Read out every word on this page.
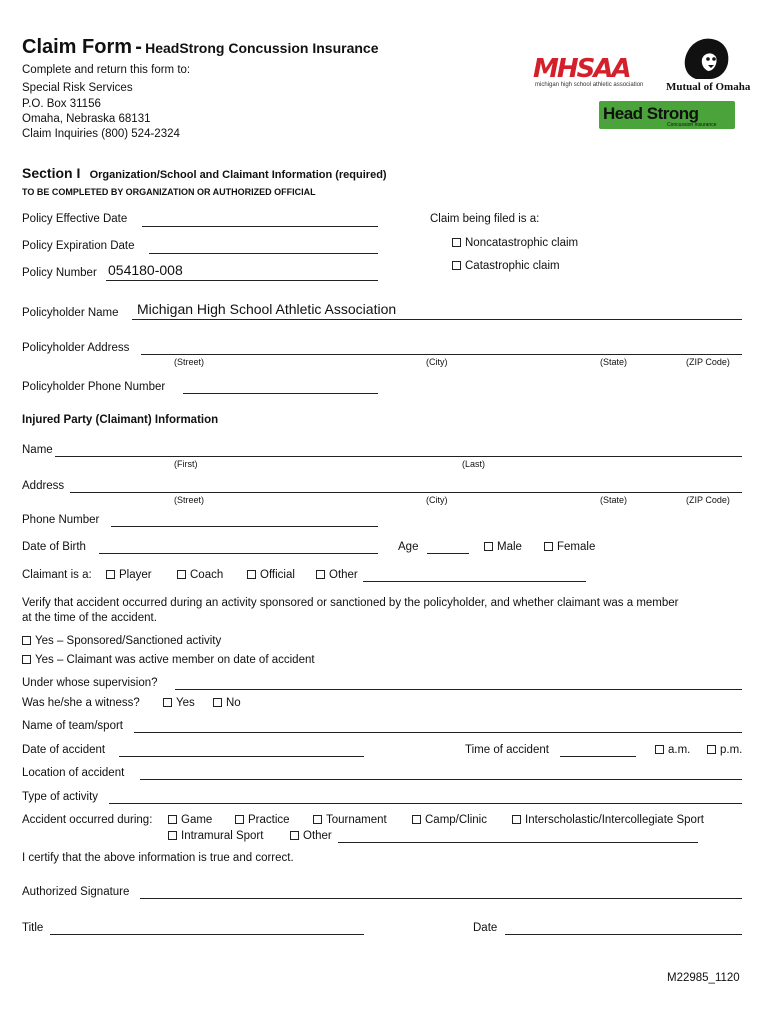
Claim Form - HeadStrong Concussion Insurance
Complete and return this form to:
Special Risk Services
P.O. Box 31156
Omaha, Nebraska 68131
Claim Inquiries (800) 524-2324
MHSAA
michigan high school athletic association Mutual of Omaha
Head Strong
Concussion Insurance
Section I Organization/School and Claimant Information (required)
TO BE COMPLETED BY ORGANIZATION OR AUTHORIZED OFFICIAL
Policy Effective Date
Policy Expiration Date
Policy Number 054180-008
Claim being filed is a:
Noncatastrophic claim
Catastrophic claim
Policyholder Name Michigan High School Athletic Association
Policyholder Address
(Street)	(City)	(State)	(ZIP Code)
Policyholder Phone Number
Injured Party (Claimant) Information
Name
(First)	(Last)
Address
(Street)	(City)	(State)	(ZIP Code)
Phone Number
Date of Birth	Age	Male	Female
Claimant is a:	Player	Coach	Official	Other
Verify that accident occurred during an activity sponsored or sanctioned by the policyholder, and whether claimant was a member
at the time of the accident.
Yes – Sponsored/Sanctioned activity
Yes – Claimant was active member on date of accident
Under whose supervision?
Was he/she a witness?	Yes	No
Name of team/sport
Date of accident	Time of accident	a.m.	p.m.
Location of accident
Type of activity
Accident occurred during:	Game	Practice	Tournament	Camp/Clinic	Interscholastic/Intercollegiate Sport
Intramural Sport	Other
I certify that the above information is true and correct.
Authorized Signature
Title	Date
M22985_1120
